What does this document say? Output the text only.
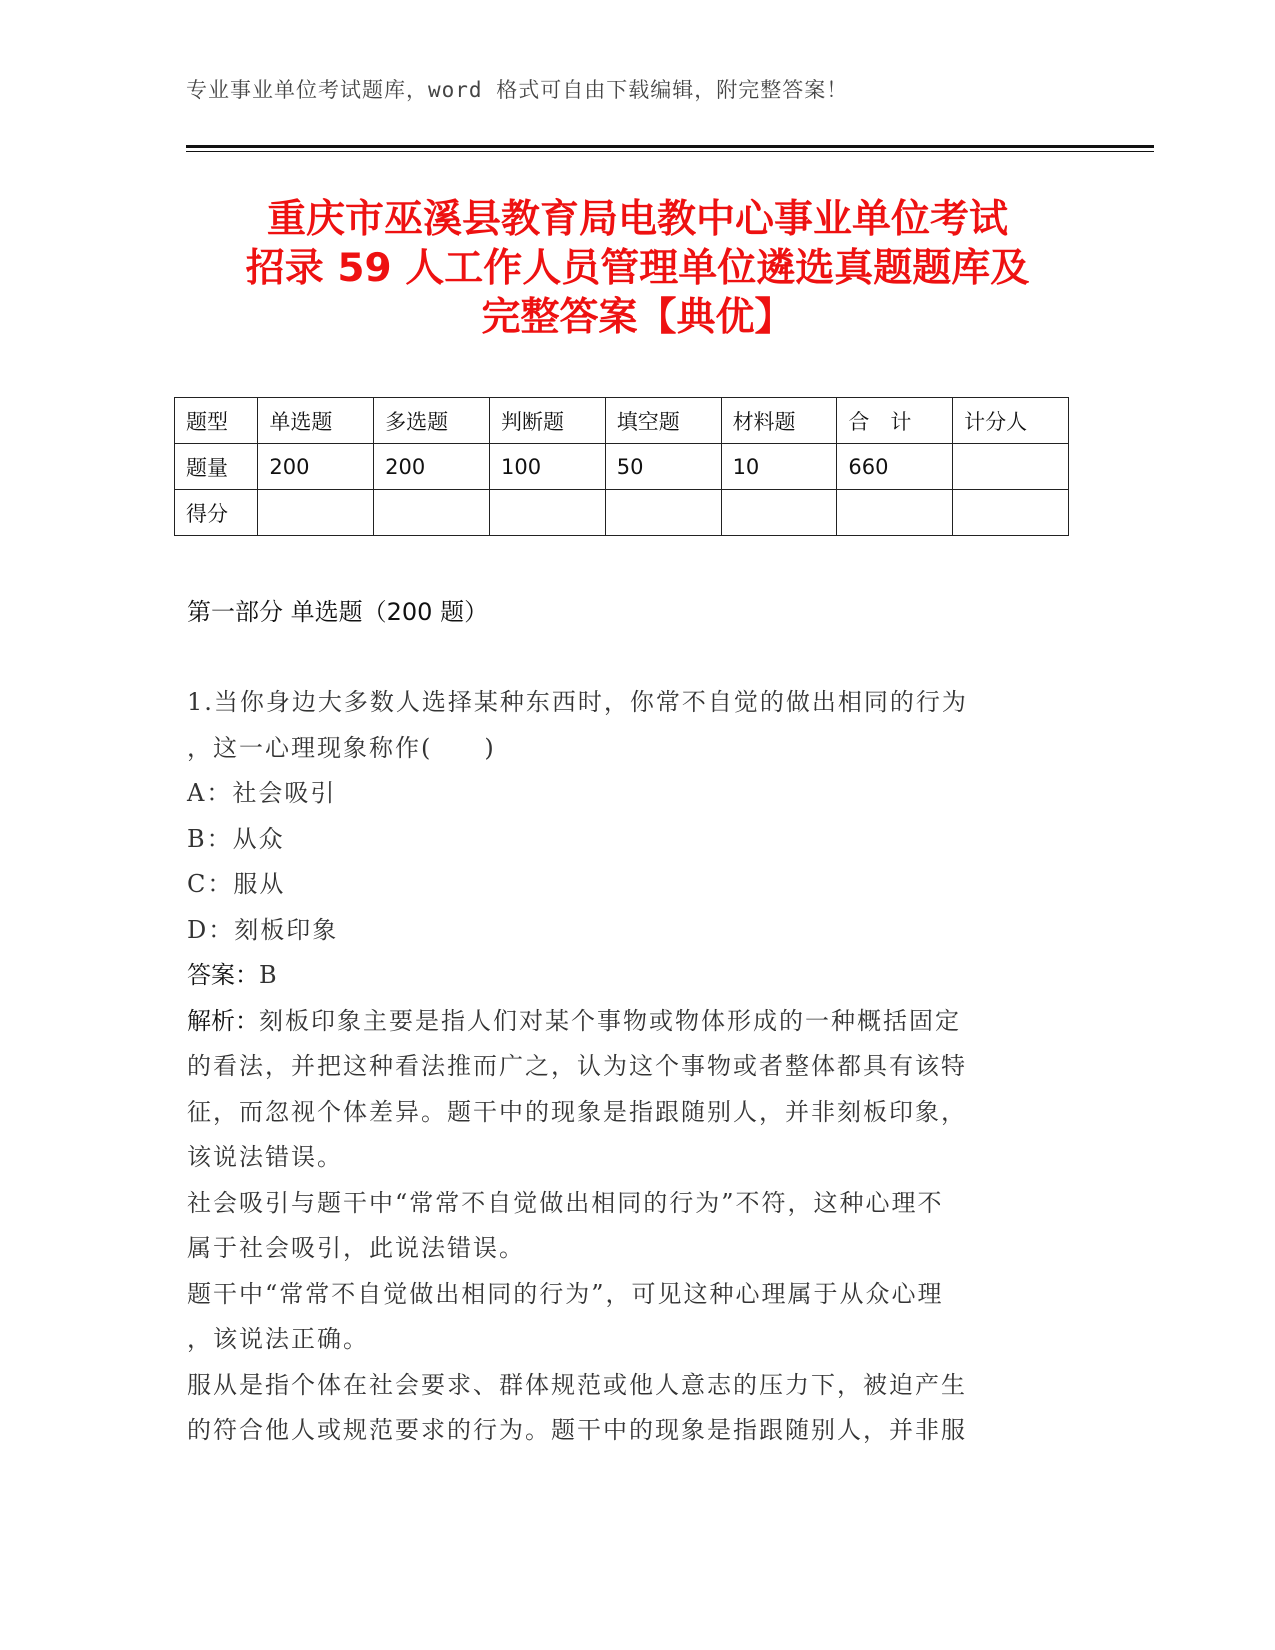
专业事业单位考试题库，word 格式可自由下载编辑，附完整答案！
重庆市巫溪县教育局电教中心事业单位考试
招录 59 人工作人员管理单位遴选真题题库及
完整答案【典优】
题型	单选题	多选题	判断题	填空题	材料题	合　计	计分人
题量	200	200	100	50	10	660	
得分							
第一部分 单选题（200 题）
1.当你身边大多数人选择某种东西时，你常不自觉的做出相同的行为
，这一心理现象称作(　　)
A：社会吸引
B：从众
C：服从
D：刻板印象
答案：B
解析：刻板印象主要是指人们对某个事物或物体形成的一种概括固定
的看法，并把这种看法推而广之，认为这个事物或者整体都具有该特
征，而忽视个体差异。题干中的现象是指跟随别人，并非刻板印象，
该说法错误。
社会吸引与题干中“常常不自觉做出相同的行为”不符，这种心理不
属于社会吸引，此说法错误。
题干中“常常不自觉做出相同的行为”，可见这种心理属于从众心理
，该说法正确。
服从是指个体在社会要求、群体规范或他人意志的压力下，被迫产生
的符合他人或规范要求的行为。题干中的现象是指跟随别人，并非服
